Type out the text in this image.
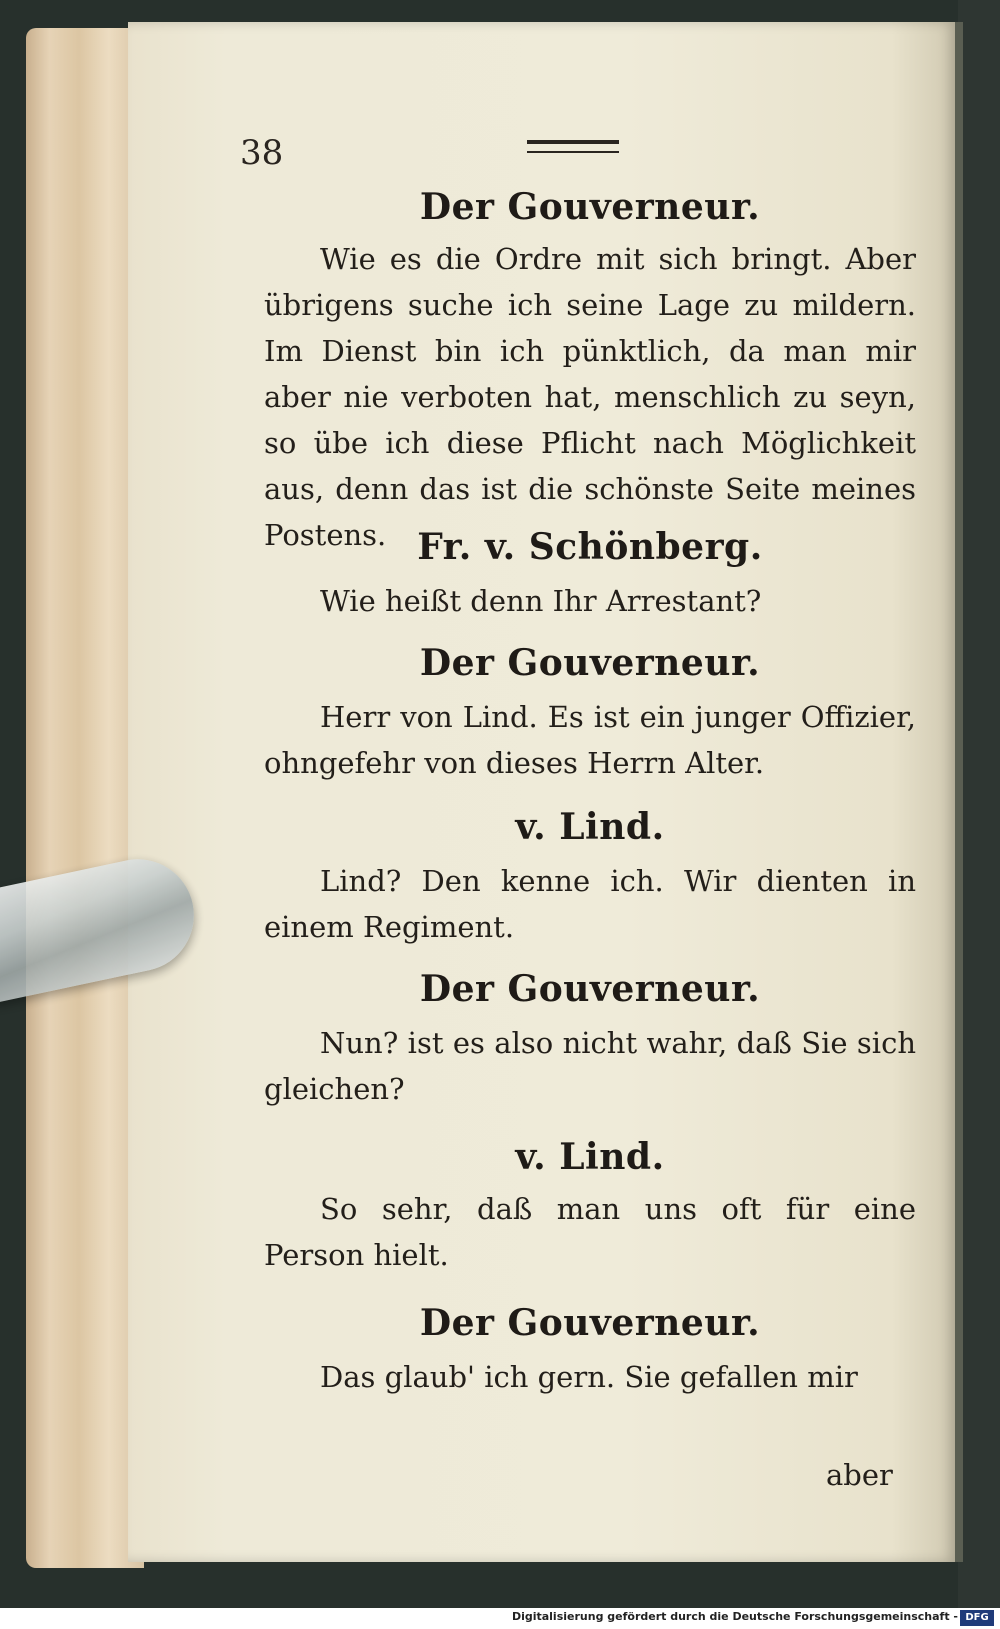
38
Der Gouverneur.
Wie es die Ordre mit sich bringt. Aber übrigens suche ich seine Lage zu mildern. Im Dienst bin ich pünktlich, da man mir aber nie verboten hat, menschlich zu seyn, so übe ich diese Pflicht nach Möglichkeit aus, denn das ist die schönste Seite meines Postens. Fr. v. Schönberg.
Wie heißt denn Ihr Arrestant?
Der Gouverneur.
Herr von Lind. Es ist ein junger Offizier, ohngefehr von dieses Herrn Alter.
v. Lind.
Lind? Den kenne ich. Wir dienten in einem Regiment.
Der Gouverneur.
Nun? ist es also nicht wahr, daß Sie sich gleichen?
v. Lind.
So sehr, daß man uns oft für eine Person hielt.
Der Gouverneur.
Das glaub' ich gern. Sie gefallen mir
aber
Digitalisierung gefördert durch die Deutsche Forschungsgemeinschaft - DFG
